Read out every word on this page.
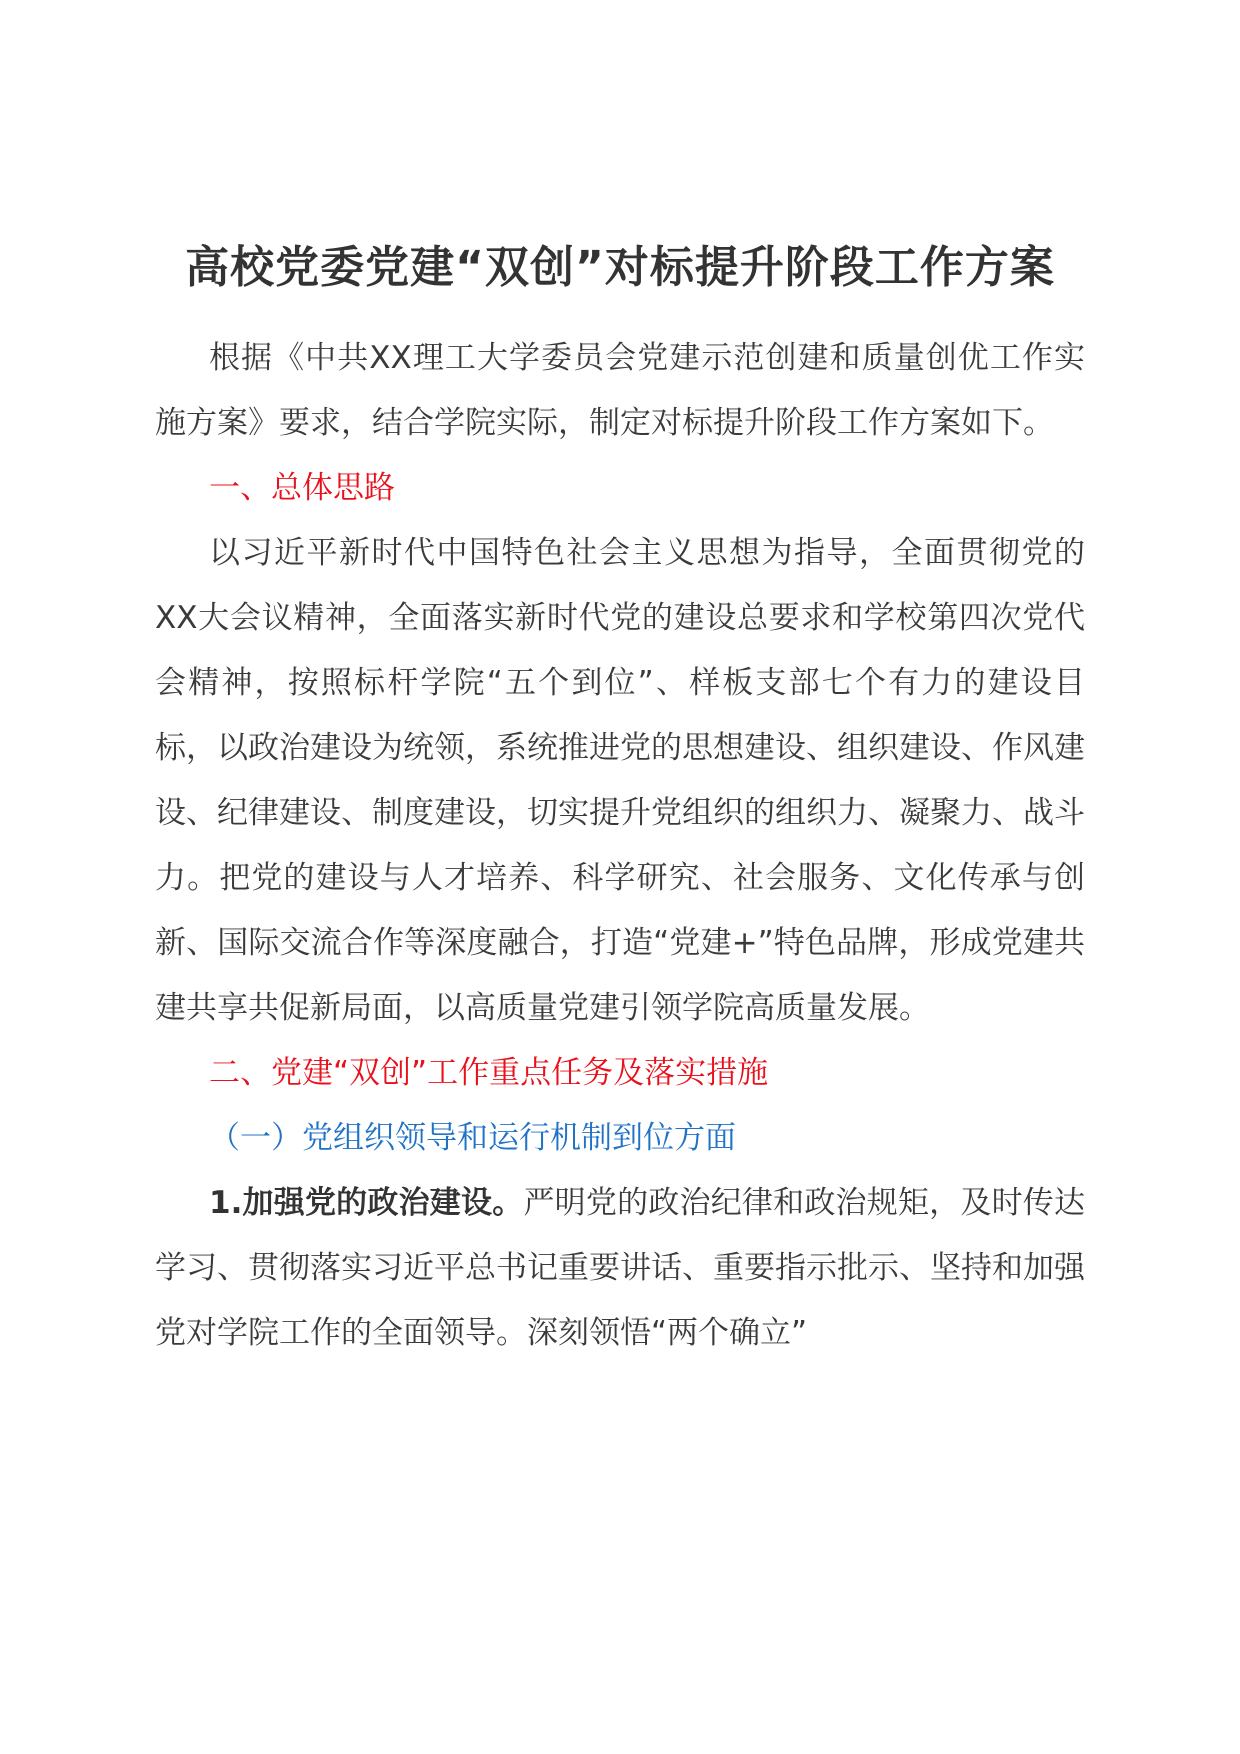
高校党委党建“双创”对标提升阶段工作方案

根据《中共XX理工大学委员会党建示范创建和质量创优工作实施方案》要求，结合学院实际，制定对标提升阶段工作方案如下。

一、总体思路

以习近平新时代中国特色社会主义思想为指导，全面贯彻党的XX大会议精神，全面落实新时代党的建设总要求和学校第四次党代会精神，按照标杆学院“五个到位”、样板支部七个有力的建设目标，以政治建设为统领，系统推进党的思想建设、组织建设、作风建设、纪律建设、制度建设，切实提升党组织的组织力、凝聚力、战斗力。把党的建设与人才培养、科学研究、社会服务、文化传承与创新、国际交流合作等深度融合，打造“党建+”特色品牌，形成党建共建共享共促新局面，以高质量党建引领学院高质量发展。

二、党建“双创”工作重点任务及落实措施

（一）党组织领导和运行机制到位方面

1.加强党的政治建设。严明党的政治纪律和政治规矩，及时传达学习、贯彻落实习近平总书记重要讲话、重要指示批示、坚持和加强党对学院工作的全面领导。深刻领悟“两个确立”
